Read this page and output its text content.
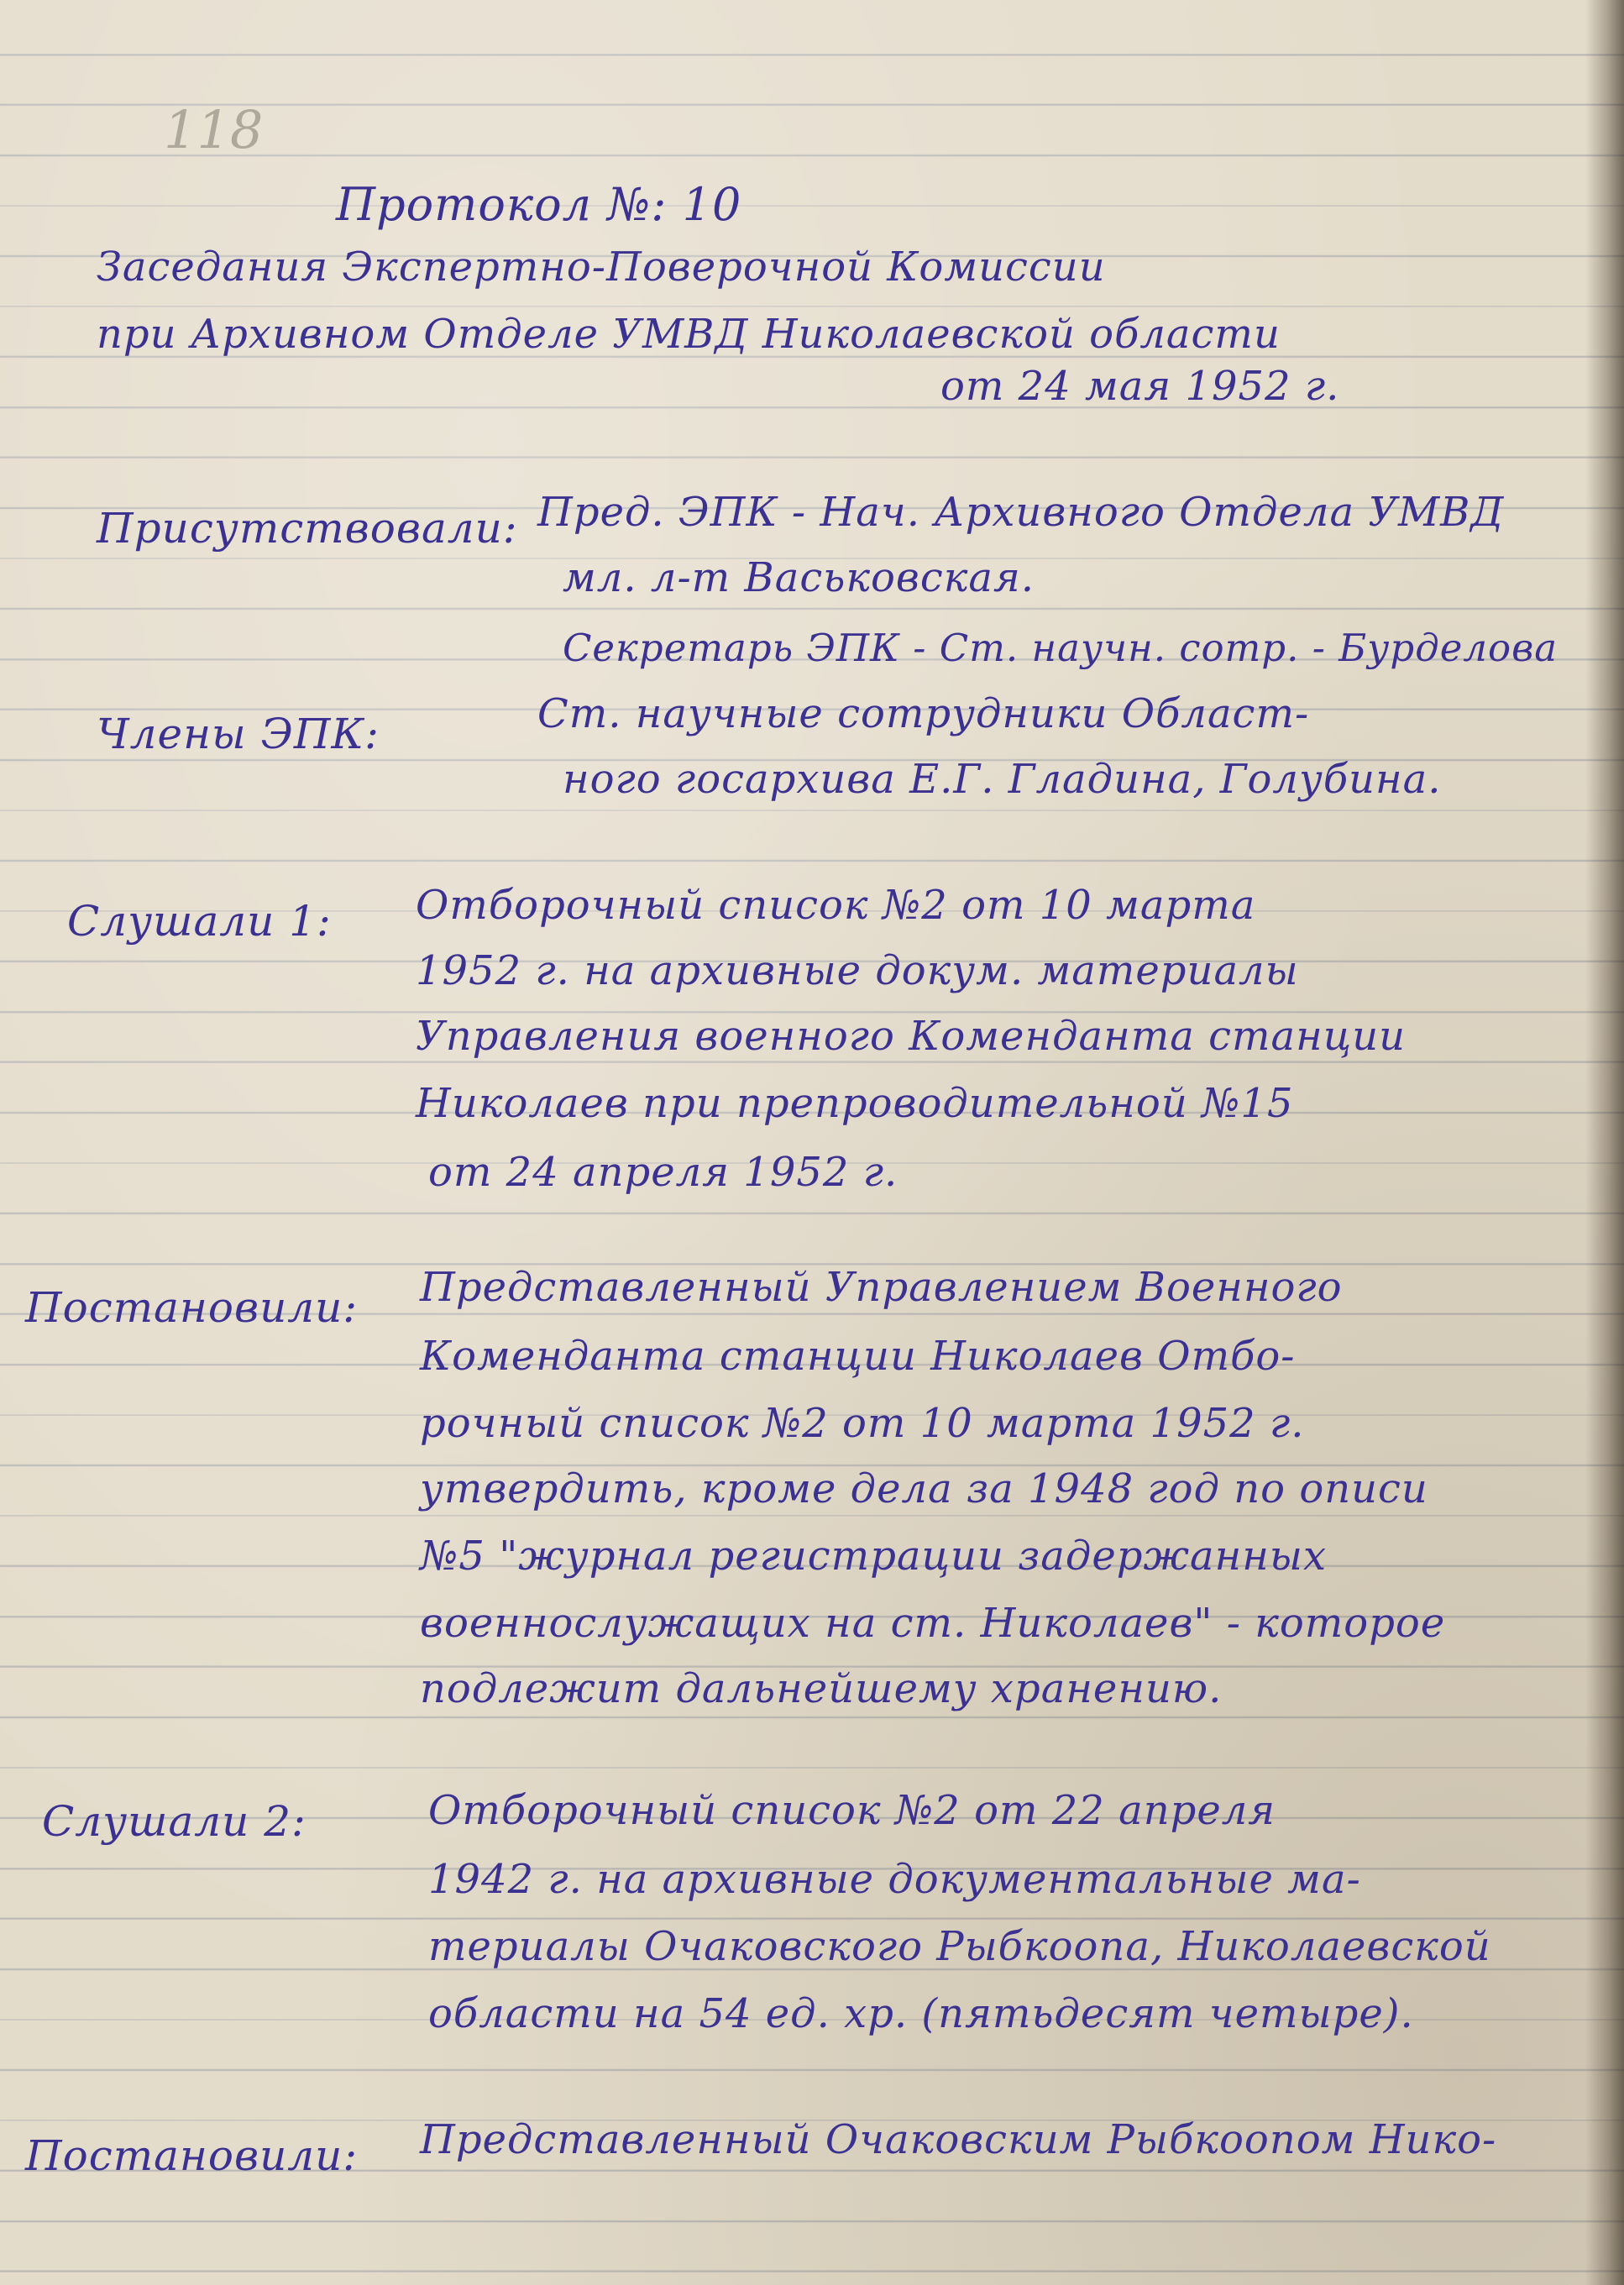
118
Протокол №: 10
Заседания Экспертно-Поверочной Комиссии
при Архивном Отделе УМВД Николаевской области
от 24 мая 1952 г.
Присутствовали: Пред. ЭПК - Нач. Архивного Отдела УМВД
мл. л-т Васьковская.
Секретарь ЭПК - Ст. научн. сотр. - Бурделова
Члены ЭПК:	Ст. научные сотрудники Област-
ного госархива Е.Г. Гладина, Голубина.
Слушали 1: Отборочный список №2 от 10 марта
1952 г. на архивные докум. материалы
Управления военного Коменданта станции
Николаев при препроводительной №15
от 24 апреля 1952 г.
Постановили: Представленный Управлением Военного
Коменданта станции Николаев Отбо-
рочный список №2 от 10 марта 1952 г.
утвердить, кроме дела за 1948 год по описи
№5 "журнал регистрации задержанных
военнослужащих на ст. Николаев" - которое
подлежит дальнейшему хранению.
Слушали 2:	Отборочный список №2 от 22 апреля
1942 г. на архивные документальные ма-
териалы Очаковского Рыбкоопа, Николаевской
области на 54 ед. хр. (пятьдесят четыре).
Постановили: Представленный Очаковским Рыбкоопом Нико-
